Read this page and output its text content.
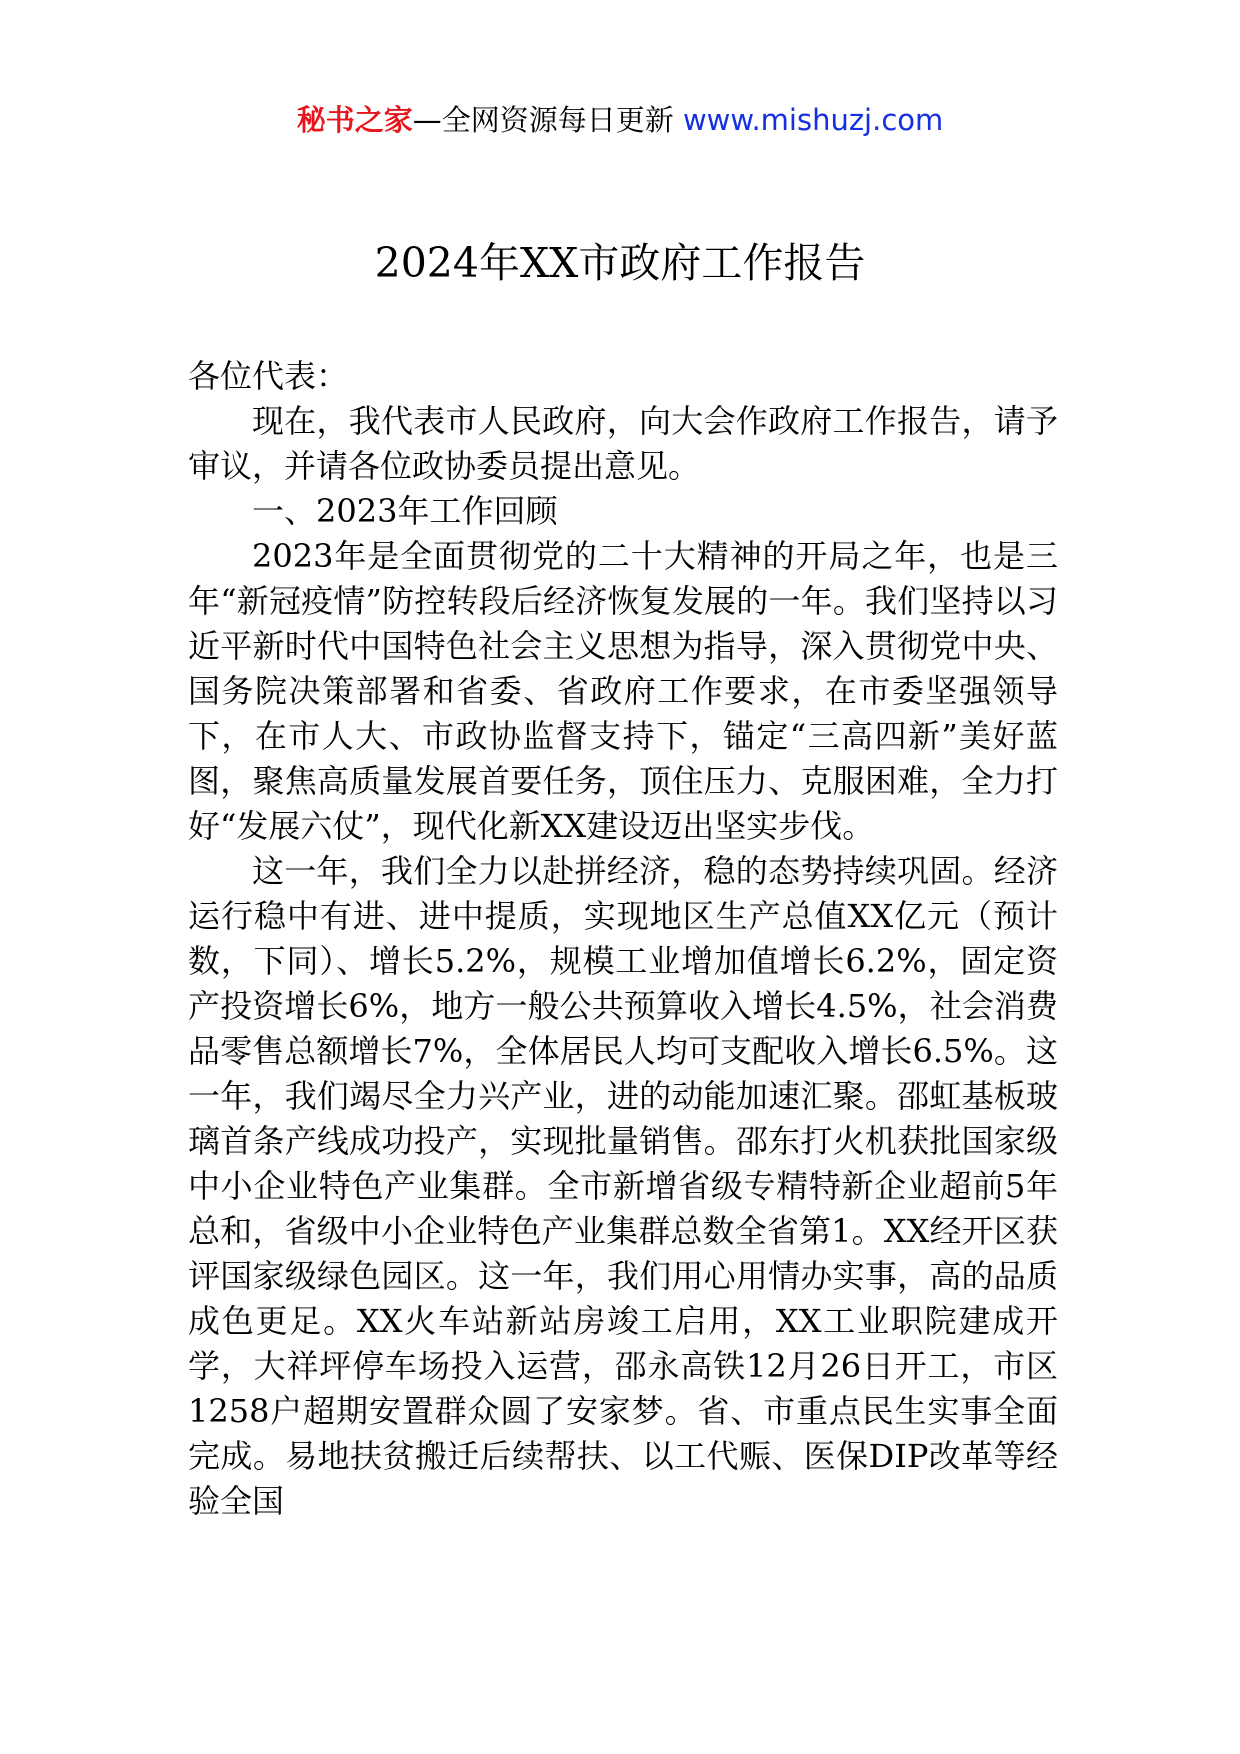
秘书之家—全网资源每日更新 www.mishuzj.com
2024年XX市政府工作报告

各位代表：

现在，我代表市人民政府，向大会作政府工作报告，请予审议，并请各位政协委员提出意见。

一、2023年工作回顾

2023年是全面贯彻党的二十大精神的开局之年，也是三年“新冠疫情”防控转段后经济恢复发展的一年。我们坚持以习近平新时代中国特色社会主义思想为指导，深入贯彻党中央、国务院决策部署和省委、省政府工作要求，在市委坚强领导下，在市人大、市政协监督支持下，锚定“三高四新”美好蓝图，聚焦高质量发展首要任务，顶住压力、克服困难，全力打好“发展六仗”，现代化新XX建设迈出坚实步伐。

这一年，我们全力以赴拼经济，稳的态势持续巩固。经济运行稳中有进、进中提质，实现地区生产总值XX亿元（预计数，下同）、增长5.2%，规模工业增加值增长6.2%，固定资产投资增长6%，地方一般公共预算收入增长4.5%，社会消费品零售总额增长7%，全体居民人均可支配收入增长6.5%。这一年，我们竭尽全力兴产业，进的动能加速汇聚。邵虹基板玻璃首条产线成功投产，实现批量销售。邵东打火机获批国家级中小企业特色产业集群。全市新增省级专精特新企业超前5年总和，省级中小企业特色产业集群总数全省第1。XX经开区获评国家级绿色园区。这一年，我们用心用情办实事，高的品质成色更足。XX火车站新站房竣工启用，XX工业职院建成开学，大祥坪停车场投入运营，邵永高铁12月26日开工，市区1258户超期安置群众圆了安家梦。省、市重点民生实事全面完成。易地扶贫搬迁后续帮扶、以工代赈、医保DIP改革等经验全国
